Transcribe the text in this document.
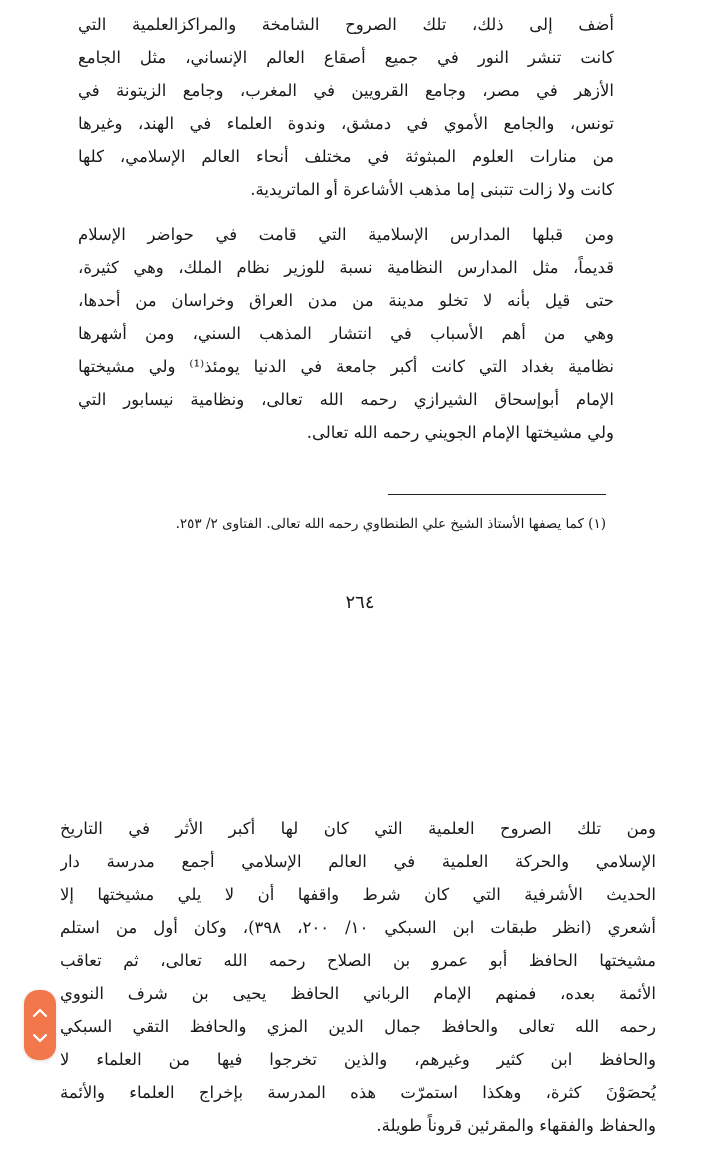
أضف إلى ذلك، تلك الصروح الشامخة والمراكزالعلمية التي
كانت تنشر النور في جميع أصقاع العالم الإنساني، مثل الجامع
الأزهر في مصر، وجامع القرويين في المغرب، وجامع الزيتونة في
تونس، والجامع الأموي في دمشق، وندوة العلماء في الهند، وغيرها
من منارات العلوم المبثوثة في مختلف أنحاء العالم الإسلامي، كلها
كانت ولا زالت تتبنى إما مذهب الأشاعرة أو الماتريدية.
ومن قبلها المدارس الإسلامية التي قامت في حواضر الإسلام
قديماً، مثل المدارس النظامية نسبة للوزير نظام الملك، وهي كثيرة،
حتى قيل بأنه لا تخلو مدينة من مدن العراق وخراسان من أحدها،
وهي من أهم الأسباب في انتشار المذهب السني، ومن أشهرها
نظامية بغداد التي كانت أكبر جامعة في الدنيا يومئذ⁽¹⁾ ولي مشيختها
الإمام أبوإسحاق الشيرازي رحمه الله تعالى، ونظامية نيسابور التي
ولي مشيختها الإمام الجويني رحمه الله تعالى.
(١) كما يصفها الأستاذ الشيخ علي الطنطاوي رحمه الله تعالى. الفتاوى ٢/ ٢٥٣.
٢٦٤
ومن تلك الصروح العلمية التي كان لها أكبر الأثر في التاريخ
الإسلامي والحركة العلمية في العالم الإسلامي أجمع مدرسة دار
الحديث الأشرفية التي كان شرط واقفها أن لا يلي مشيختها إلا
أشعري (انظر طبقات ابن السبكي ١٠/ ٢٠٠، ٣٩٨)، وكان أول من استلم
مشيختها الحافظ أبو عمرو بن الصلاح رحمه الله تعالى، ثم تعاقب
الأئمة بعده، فمنهم الإمام الرباني الحافظ يحيى بن شرف النووي
رحمه الله تعالى والحافظ جمال الدين المزي والحافظ التقي السبكي
والحافظ ابن كثير وغيرهم، والذين تخرجوا فيها من العلماء لا
يُحصَوْنَ كثرة، وهكذا استمرّت هذه المدرسة بإخراج العلماء والأئمة
والحفاظ والفقهاء والمقرئين قروناً طويلة.
